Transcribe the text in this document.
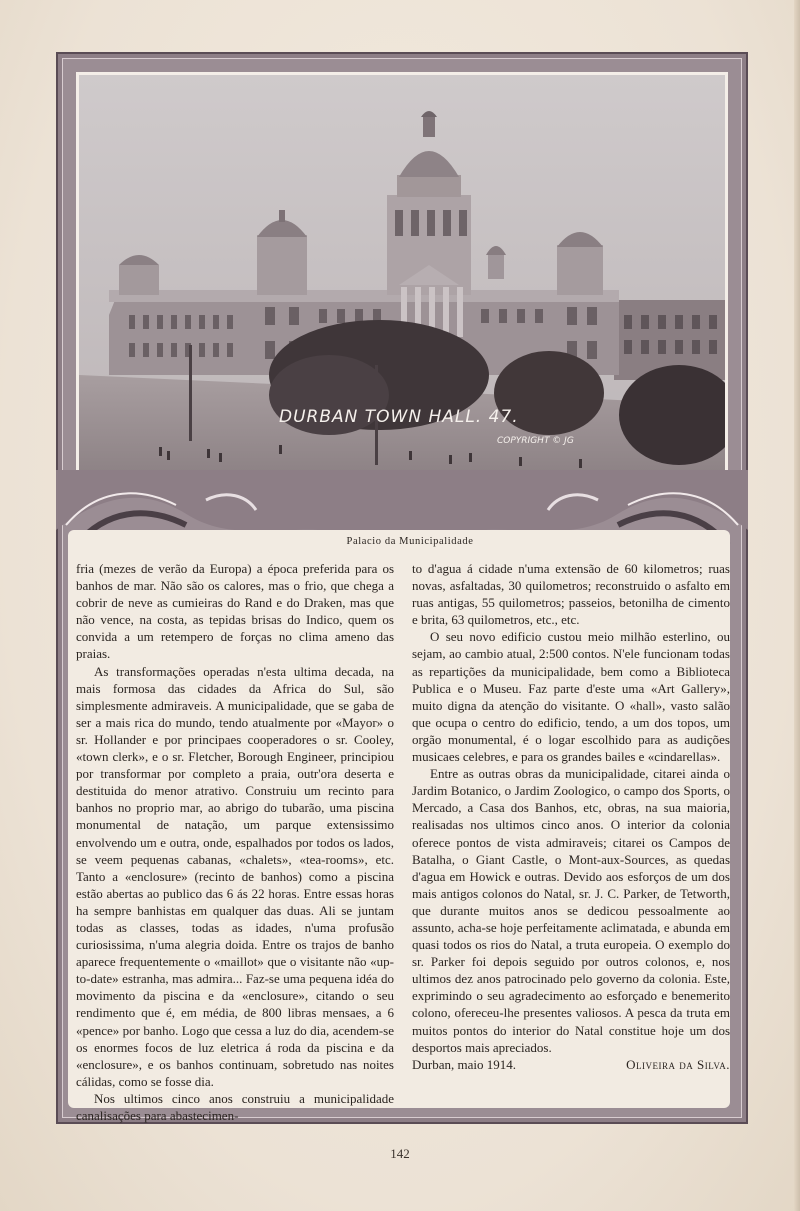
DURBAN TOWN HALL. 47.
COPYRIGHT © JG
Palacio da Municipalidade

fria (mezes de verão da Europa) a época preferida para os banhos de mar. Não são os calores, mas o frio, que chega a cobrir de neve as cumieiras do Rand e do Draken, mas que não vence, na costa, as tepidas brisas do Indico, quem os convida a um retempero de forças no clima ameno das praias.

As transformações operadas n'esta ultima decada, na mais formosa das cidades da Africa do Sul, são simplesmente admiraveis. A municipalidade, que se gaba de ser a mais rica do mundo, tendo atualmente por «Mayor» o sr. Hollander e por principaes cooperadores o sr. Cooley, «town clerk», e o sr. Fletcher, Borough Engineer, principiou por transformar por completo a praia, outr'ora deserta e destituida do menor atrativo. Construiu um recinto para banhos no proprio mar, ao abrigo do tubarão, uma piscina monumental de natação, um parque extensissimo envolvendo um e outra, onde, espalhados por todos os lados, se veem pequenas cabanas, «chalets», «tea-rooms», etc. Tanto a «enclosure» (recinto de banhos) como a piscina estão abertas ao publico das 6 ás 22 horas. Entre essas horas ha sempre banhistas em qualquer das duas. Ali se juntam todas as classes, todas as idades, n'uma profusão curiosissima, n'uma alegria doida. Entre os trajos de banho aparece frequentemente o «maillot» que o visitante não «up-to-date» estranha, mas admira... Faz-se uma pequena idéa do movimento da piscina e da «enclosure», citando o seu rendimento que é, em média, de 800 libras mensaes, a 6 «pence» por banho. Logo que cessa a luz do dia, acendem-se os enormes focos de luz eletrica á roda da piscina e da «enclosure», e os banhos continuam, sobretudo nas noites cálidas, como se fosse dia.

Nos ultimos cinco anos construiu a municipalidade canalisações para abastecimen-

to d'agua á cidade n'uma extensão de 60 kilometros; ruas novas, asfaltadas, 30 quilometros; reconstruido o asfalto em ruas antigas, 55 quilometros; passeios, betonilha de cimento e brita, 63 quilometros, etc., etc.

O seu novo edificio custou meio milhão esterlino, ou sejam, ao cambio atual, 2:500 contos. N'ele funcionam todas as repartições da municipalidade, bem como a Biblioteca Publica e o Museu. Faz parte d'este uma «Art Gallery», muito digna da atenção do visitante. O «hall», vasto salão que ocupa o centro do edificio, tendo, a um dos topos, um orgão monumental, é o logar escolhido para as audições musicaes celebres, e para os grandes bailes e «cindarellas».

Entre as outras obras da municipalidade, citarei ainda o Jardim Botanico, o Jardim Zoologico, o campo dos Sports, o Mercado, a Casa dos Banhos, etc, obras, na sua maioria, realisadas nos ultimos cinco anos. O interior da colonia oferece pontos de vista admiraveis; citarei os Campos de Batalha, o Giant Castle, o Mont-aux-Sources, as quedas d'agua em Howick e outras. Devido aos esforços de um dos mais antigos colonos do Natal, sr. J. C. Parker, de Tetworth, que durante muitos anos se dedicou pessoalmente ao assunto, acha-se hoje perfeitamente aclimatada, e abunda em quasi todos os rios do Natal, a truta europeia. O exemplo do sr. Parker foi depois seguido por outros colonos, e, nos ultimos dez anos patrocinado pelo governo da colonia. Este, exprimindo o seu agradecimento ao esforçado e benemerito colono, ofereceu-lhe presentes valiosos. A pesca da truta em muitos pontos do interior do Natal constitue hoje um dos desportos mais apreciados.

Durban, maio 1914.	Oliveira da Silva.
142
